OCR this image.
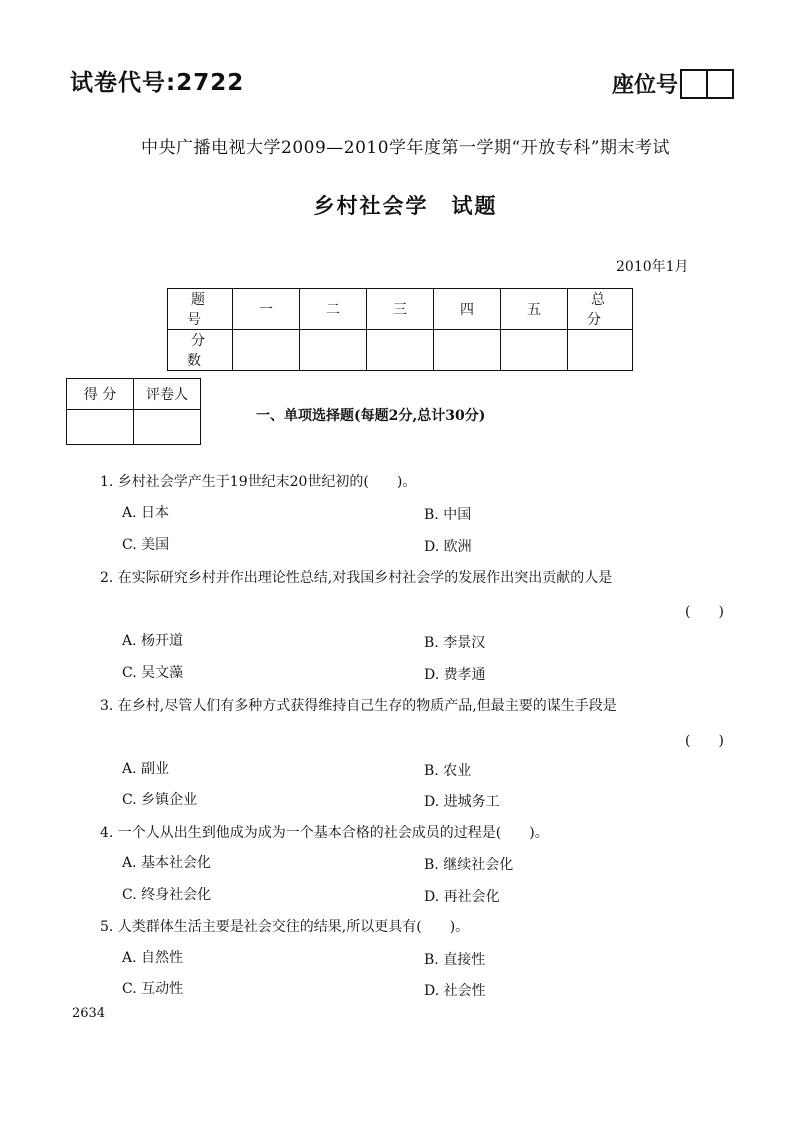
试卷代号:2722	座位号
中央广播电视大学2009—2010学年度第一学期“开放专科”期末考试
乡村社会学　试题
2010年1月
题 号	一	二	三	四	五	总 分
分 数						
得 分	评卷人

一、单项选择题(每题2分,总计30分)
1. 乡村社会学产生于19世纪末20世纪初的(　　)。
A. 日本	B. 中国
C. 美国	D. 欧洲
2. 在实际研究乡村并作出理论性总结,对我国乡村社会学的发展作出突出贡献的人是
(　　)
A. 杨开道	B. 李景汉
C. 吴文藻	D. 费孝通
3. 在乡村,尽管人们有多种方式获得维持自己生存的物质产品,但最主要的谋生手段是
(　　)
A. 副业	B. 农业
C. 乡镇企业	D. 进城务工
4. 一个人从出生到他成为成为一个基本合格的社会成员的过程是(　　)。
A. 基本社会化	B. 继续社会化
C. 终身社会化	D. 再社会化
5. 人类群体生活主要是社会交往的结果,所以更具有(　　)。
A. 自然性	B. 直接性
C. 互动性	D. 社会性
2634
